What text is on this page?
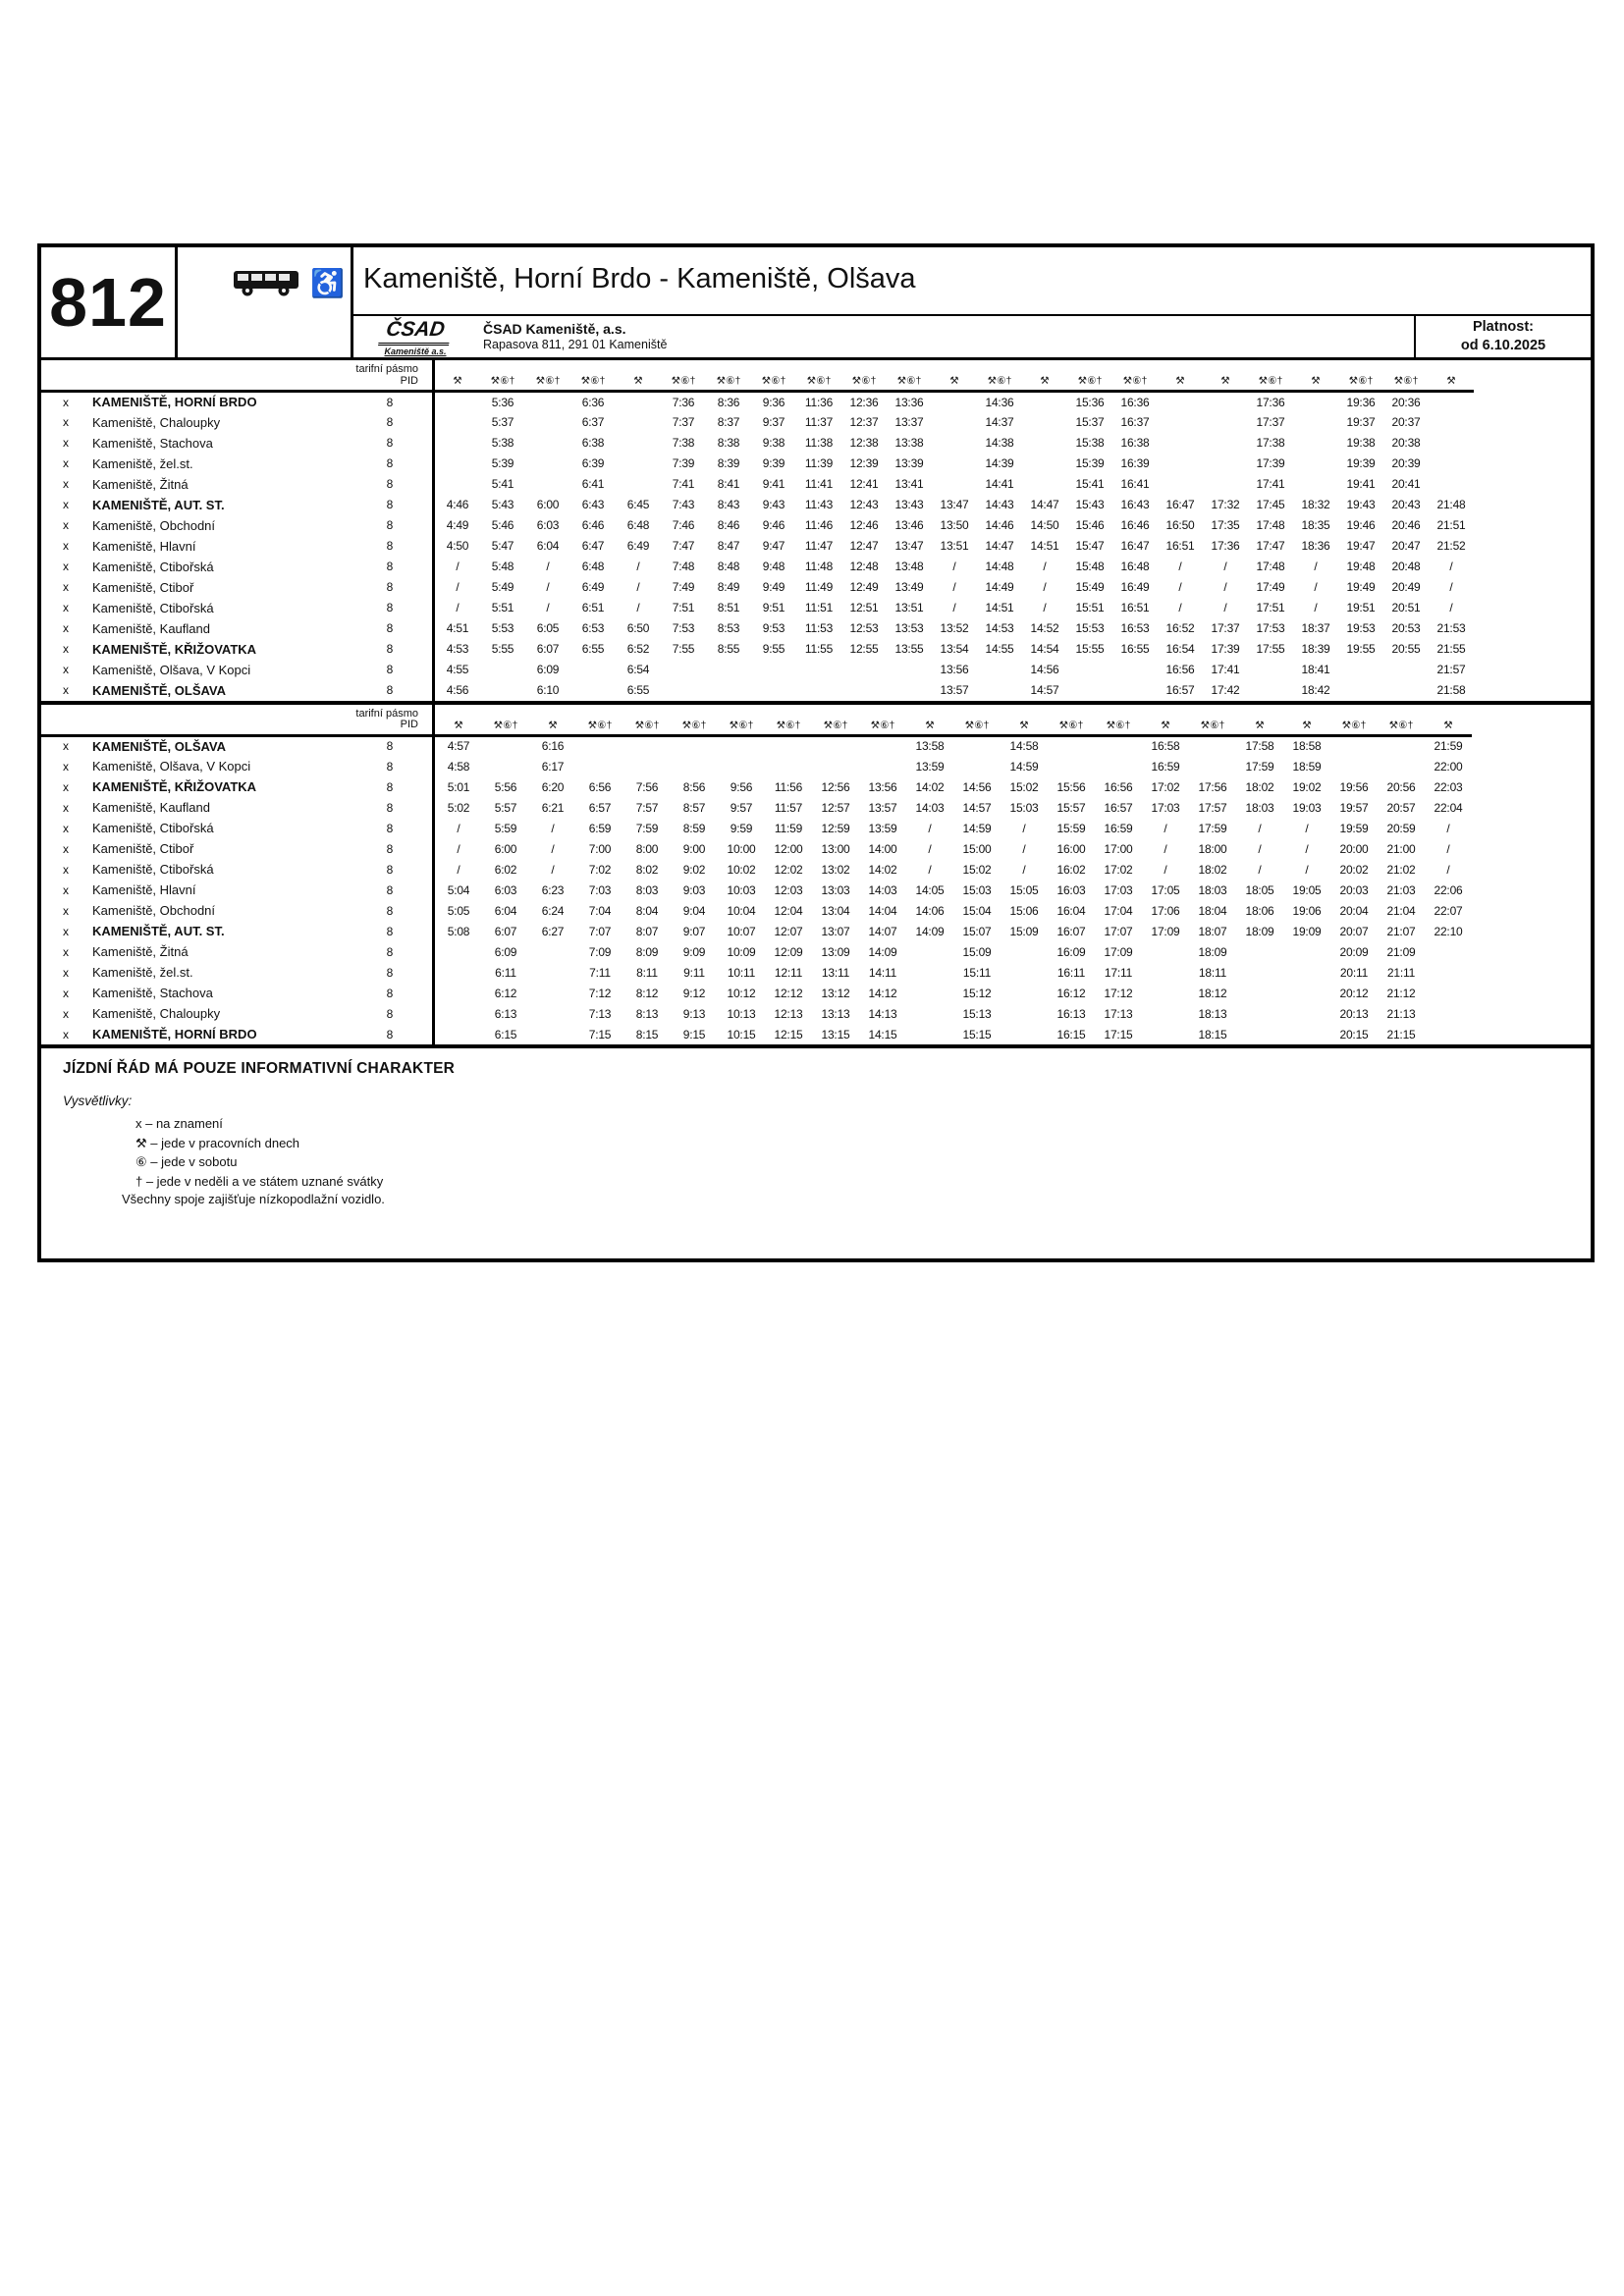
812	♿ Kameniště, Horní Brdo - Kameniště, Olšava
ČSAD
Kameniště a.s.
ČSAD Kameniště, a.s.
Rapasova 811, 291 01 Kameniště
Platnost:
od 6.10.2025
tarifní pásmo
PID			⚒	⚒⑥†	⚒⑥†	⚒⑥†	⚒	⚒⑥†	⚒⑥†	⚒⑥†	⚒⑥†	⚒⑥†	⚒⑥†	⚒	⚒⑥†	⚒	⚒⑥†	⚒⑥†	⚒	⚒	⚒⑥†	⚒	⚒⑥†	⚒⑥†	⚒
x	KAMENIŠTĚ, HORNÍ BRDO	8		5:36		6:36		7:36	8:36	9:36	11:36	12:36	13:36		14:36		15:36	16:36			17:36		19:36	20:36	
x	Kameniště, Chaloupky	8		5:37		6:37		7:37	8:37	9:37	11:37	12:37	13:37		14:37		15:37	16:37			17:37		19:37	20:37	
x	Kameniště, Stachova	8		5:38		6:38		7:38	8:38	9:38	11:38	12:38	13:38		14:38		15:38	16:38			17:38		19:38	20:38	
x	Kameniště, žel.st.	8		5:39		6:39		7:39	8:39	9:39	11:39	12:39	13:39		14:39		15:39	16:39			17:39		19:39	20:39	
x	Kameniště, Žitná	8		5:41		6:41		7:41	8:41	9:41	11:41	12:41	13:41		14:41		15:41	16:41			17:41		19:41	20:41	
x	KAMENIŠTĚ, AUT. ST.	8	4:46	5:43	6:00	6:43	6:45	7:43	8:43	9:43	11:43	12:43	13:43	13:47	14:43	14:47	15:43	16:43	16:47	17:32	17:45	18:32	19:43	20:43	21:48
x	Kameniště, Obchodní	8	4:49	5:46	6:03	6:46	6:48	7:46	8:46	9:46	11:46	12:46	13:46	13:50	14:46	14:50	15:46	16:46	16:50	17:35	17:48	18:35	19:46	20:46	21:51
x	Kameniště, Hlavní	8	4:50	5:47	6:04	6:47	6:49	7:47	8:47	9:47	11:47	12:47	13:47	13:51	14:47	14:51	15:47	16:47	16:51	17:36	17:47	18:36	19:47	20:47	21:52
x	Kameniště, Ctibořská	8	/	5:48	/	6:48	/	7:48	8:48	9:48	11:48	12:48	13:48	/	14:48	/	15:48	16:48	/	/	17:48	/	19:48	20:48	/
x	Kameniště, Ctiboř	8	/	5:49	/	6:49	/	7:49	8:49	9:49	11:49	12:49	13:49	/	14:49	/	15:49	16:49	/	/	17:49	/	19:49	20:49	/
x	Kameniště, Ctibořská	8	/	5:51	/	6:51	/	7:51	8:51	9:51	11:51	12:51	13:51	/	14:51	/	15:51	16:51	/	/	17:51	/	19:51	20:51	/
x	Kameniště, Kaufland	8	4:51	5:53	6:05	6:53	6:50	7:53	8:53	9:53	11:53	12:53	13:53	13:52	14:53	14:52	15:53	16:53	16:52	17:37	17:53	18:37	19:53	20:53	21:53
x	KAMENIŠTĚ, KŘIŽOVATKA	8	4:53	5:55	6:07	6:55	6:52	7:55	8:55	9:55	11:55	12:55	13:55	13:54	14:55	14:54	15:55	16:55	16:54	17:39	17:55	18:39	19:55	20:55	21:55
x	Kameniště, Olšava, V Kopci	8	4:55		6:09		6:54							13:56		14:56			16:56	17:41		18:41			21:57
x	KAMENIŠTĚ, OLŠAVA	8	4:56		6:10		6:55							13:57		14:57			16:57	17:42		18:42			21:58
tarifní pásmo
PID			⚒	⚒⑥†	⚒	⚒⑥†	⚒⑥†	⚒⑥†	⚒⑥†	⚒⑥†	⚒⑥†	⚒⑥†	⚒	⚒⑥†	⚒	⚒⑥†	⚒⑥†	⚒	⚒⑥†	⚒	⚒	⚒⑥†	⚒⑥†	⚒
x	KAMENIŠTĚ, OLŠAVA	8	4:57		6:16								13:58		14:58			16:58		17:58	18:58			21:59
x	Kameniště, Olšava, V Kopci	8	4:58		6:17								13:59		14:59			16:59		17:59	18:59			22:00
x	KAMENIŠTĚ, KŘIŽOVATKA	8	5:01	5:56	6:20	6:56	7:56	8:56	9:56	11:56	12:56	13:56	14:02	14:56	15:02	15:56	16:56	17:02	17:56	18:02	19:02	19:56	20:56	22:03
x	Kameniště, Kaufland	8	5:02	5:57	6:21	6:57	7:57	8:57	9:57	11:57	12:57	13:57	14:03	14:57	15:03	15:57	16:57	17:03	17:57	18:03	19:03	19:57	20:57	22:04
x	Kameniště, Ctibořská	8	/	5:59	/	6:59	7:59	8:59	9:59	11:59	12:59	13:59	/	14:59	/	15:59	16:59	/	17:59	/	/	19:59	20:59	/
x	Kameniště, Ctiboř	8	/	6:00	/	7:00	8:00	9:00	10:00	12:00	13:00	14:00	/	15:00	/	16:00	17:00	/	18:00	/	/	20:00	21:00	/
x	Kameniště, Ctibořská	8	/	6:02	/	7:02	8:02	9:02	10:02	12:02	13:02	14:02	/	15:02	/	16:02	17:02	/	18:02	/	/	20:02	21:02	/
x	Kameniště, Hlavní	8	5:04	6:03	6:23	7:03	8:03	9:03	10:03	12:03	13:03	14:03	14:05	15:03	15:05	16:03	17:03	17:05	18:03	18:05	19:05	20:03	21:03	22:06
x	Kameniště, Obchodní	8	5:05	6:04	6:24	7:04	8:04	9:04	10:04	12:04	13:04	14:04	14:06	15:04	15:06	16:04	17:04	17:06	18:04	18:06	19:06	20:04	21:04	22:07
x	KAMENIŠTĚ, AUT. ST.	8	5:08	6:07	6:27	7:07	8:07	9:07	10:07	12:07	13:07	14:07	14:09	15:07	15:09	16:07	17:07	17:09	18:07	18:09	19:09	20:07	21:07	22:10
x	Kameniště, Žitná	8		6:09		7:09	8:09	9:09	10:09	12:09	13:09	14:09		15:09		16:09	17:09		18:09			20:09	21:09	
x	Kameniště, žel.st.	8		6:11		7:11	8:11	9:11	10:11	12:11	13:11	14:11		15:11		16:11	17:11		18:11			20:11	21:11	
x	Kameniště, Stachova	8		6:12		7:12	8:12	9:12	10:12	12:12	13:12	14:12		15:12		16:12	17:12		18:12			20:12	21:12	
x	Kameniště, Chaloupky	8		6:13		7:13	8:13	9:13	10:13	12:13	13:13	14:13		15:13		16:13	17:13		18:13			20:13	21:13	
x	KAMENIŠTĚ, HORNÍ BRDO	8		6:15		7:15	8:15	9:15	10:15	12:15	13:15	14:15		15:15		16:15	17:15		18:15			20:15	21:15	
JÍZDNÍ ŘÁD MÁ POUZE INFORMATIVNÍ CHARAKTER
Vysvětlivky:
x – na znamení
⚒ – jede v pracovních dnech
⑥ – jede v sobotu
† – jede v neděli a ve státem uznané svátky
Všechny spoje zajišťuje nízkopodlažní vozidlo.
